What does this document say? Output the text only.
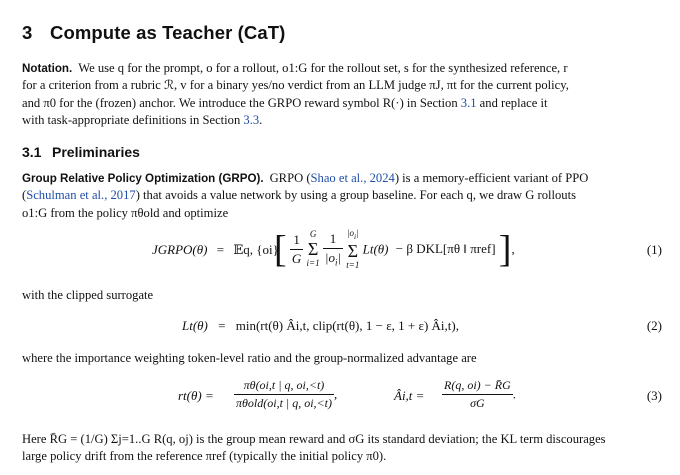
3 Compute as Teacher (CaT)
Notation. We use q for the prompt, o for a rollout, o1:G for the rollout set, s for the synthesized reference, r
for a criterion from a rubric ℛ, v for a binary yes/no verdict from an LLM judge πJ, πt for the current policy,
and π0 for the (frozen) anchor. We introduce the GRPO reward symbol R(·) in Section 3.1 and replace it
with task-appropriate definitions in Section 3.3.
3.1 Preliminaries
Group Relative Policy Optimization (GRPO). GRPO (Shao et al., 2024) is a memory-efficient variant of PPO
(Schulman et al., 2017) that avoids a value network by using a group baseline. For each q, we draw G rollouts
o1:G from the policy πθold and optimize
JGRPO(θ) = 𝔼q, {oi}
[ $\frac{1}{G}$
G
Σ
i=1
$\frac{1}{|o_i|}$
$|o_i|$
Σ
t=1
Lt(θ) − β DKL[πθ ‖ πref] ],	(1)
with the clipped surrogate
Lt(θ) = min(rt(θ) Âi,t, clip(rt(θ), 1 − ε, 1 + ε) Âi,t),	(2)
where the importance weighting token-level ratio and the group-normalized advantage are
$rt(\theta) = \frac{\pi\theta(oi,t | q, oi,<t)}{\text{πθold(oi,t | q, oi,<t)}}$ ,	Âi,t = $\frac{R(q, oi) - R̄G}{\sigma G}$ .	(3)
Here R̄G = (1/G) Σj=1..G R(q, oj) is the group mean reward and σG its standard deviation; the KL term discourages
large policy drift from the reference πref (typically the initial policy π0).
